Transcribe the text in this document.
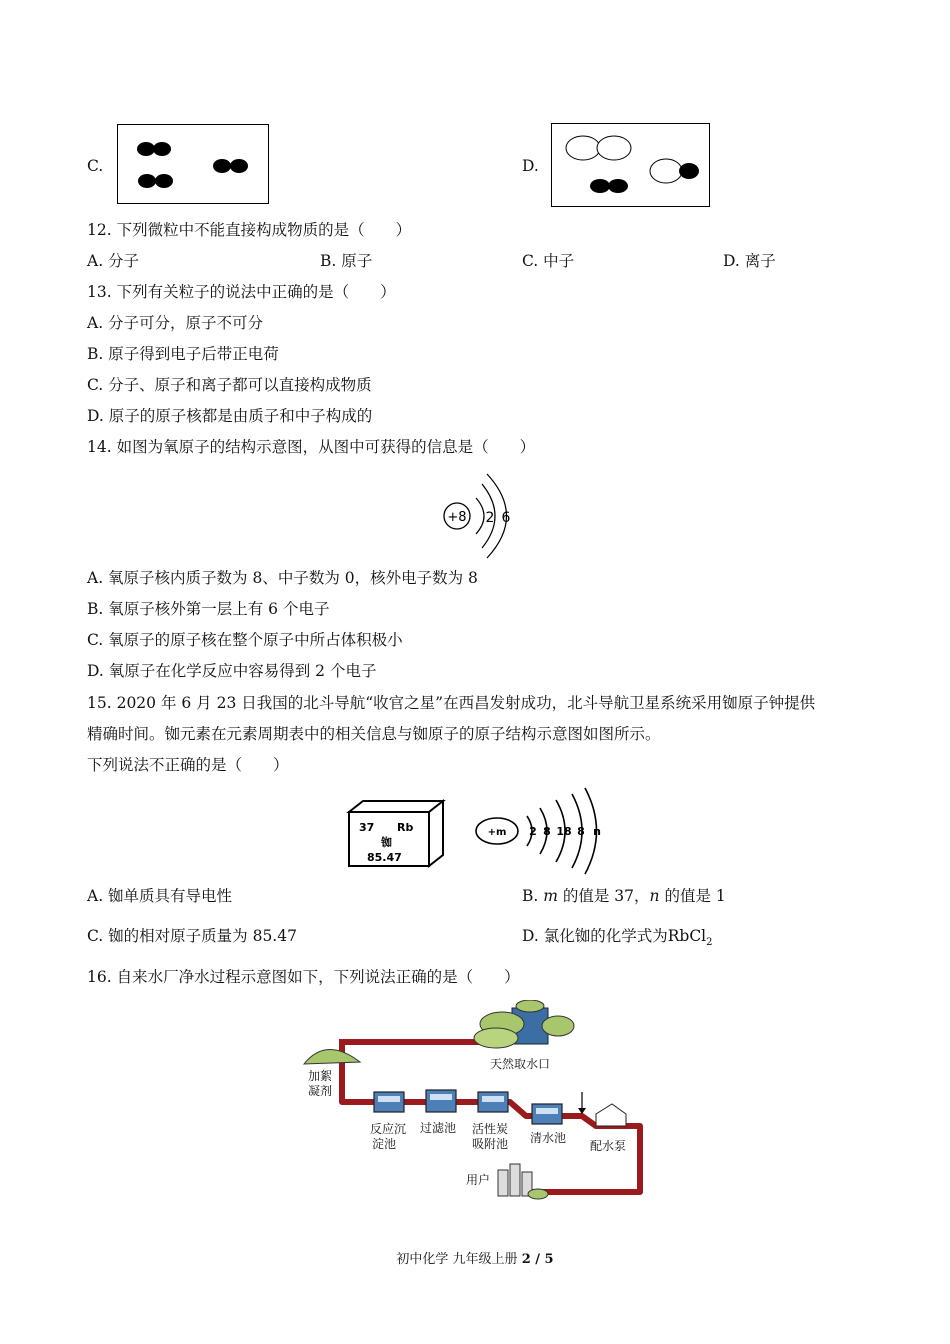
C.	D.
12. 下列微粒中不能直接构成物质的是（　　）
A. 分子	B. 原子	C. 中子	D. 离子
13. 下列有关粒子的说法中正确的是（　　）
A. 分子可分，原子不可分
B. 原子得到电子后带正电荷
C. 分子、原子和离子都可以直接构成物质
D. 原子的原子核都是由质子和中子构成的
14. 如图为氧原子的结构示意图，从图中可获得的信息是（　　）
+8 2 6
A. 氧原子核内质子数为 8、中子数为 0，核外电子数为 8
B. 氧原子核外第一层上有 6 个电子
C. 氧原子的原子核在整个原子中所占体积极小
D. 氧原子在化学反应中容易得到 2 个电子
15. 2020 年 6 月 23 日我国的北斗导航“收官之星”在西昌发射成功，北斗导航卫星系统采用铷原子钟提供
精确时间。铷元素在元素周期表中的相关信息与铷原子的原子结构示意图如图所示。
下列说法不正确的是（　　）
37 Rb
铷
85.47
+m 2 8 18 8 n
A. 铷单质具有导电性	B. m 的值是 37，n 的值是 1
C. 铷的相对原子质量为 85.47	D. 氯化铷的化学式为RbCl$_2$
16. 自来水厂净水过程示意图如下，下列说法正确的是（　　）
天然取水口
加絮
凝剂
反应沉
淀池
过滤池 活性炭
吸附池 清水池
配水泵
用户
初中化学 九年级上册 2 / 5
